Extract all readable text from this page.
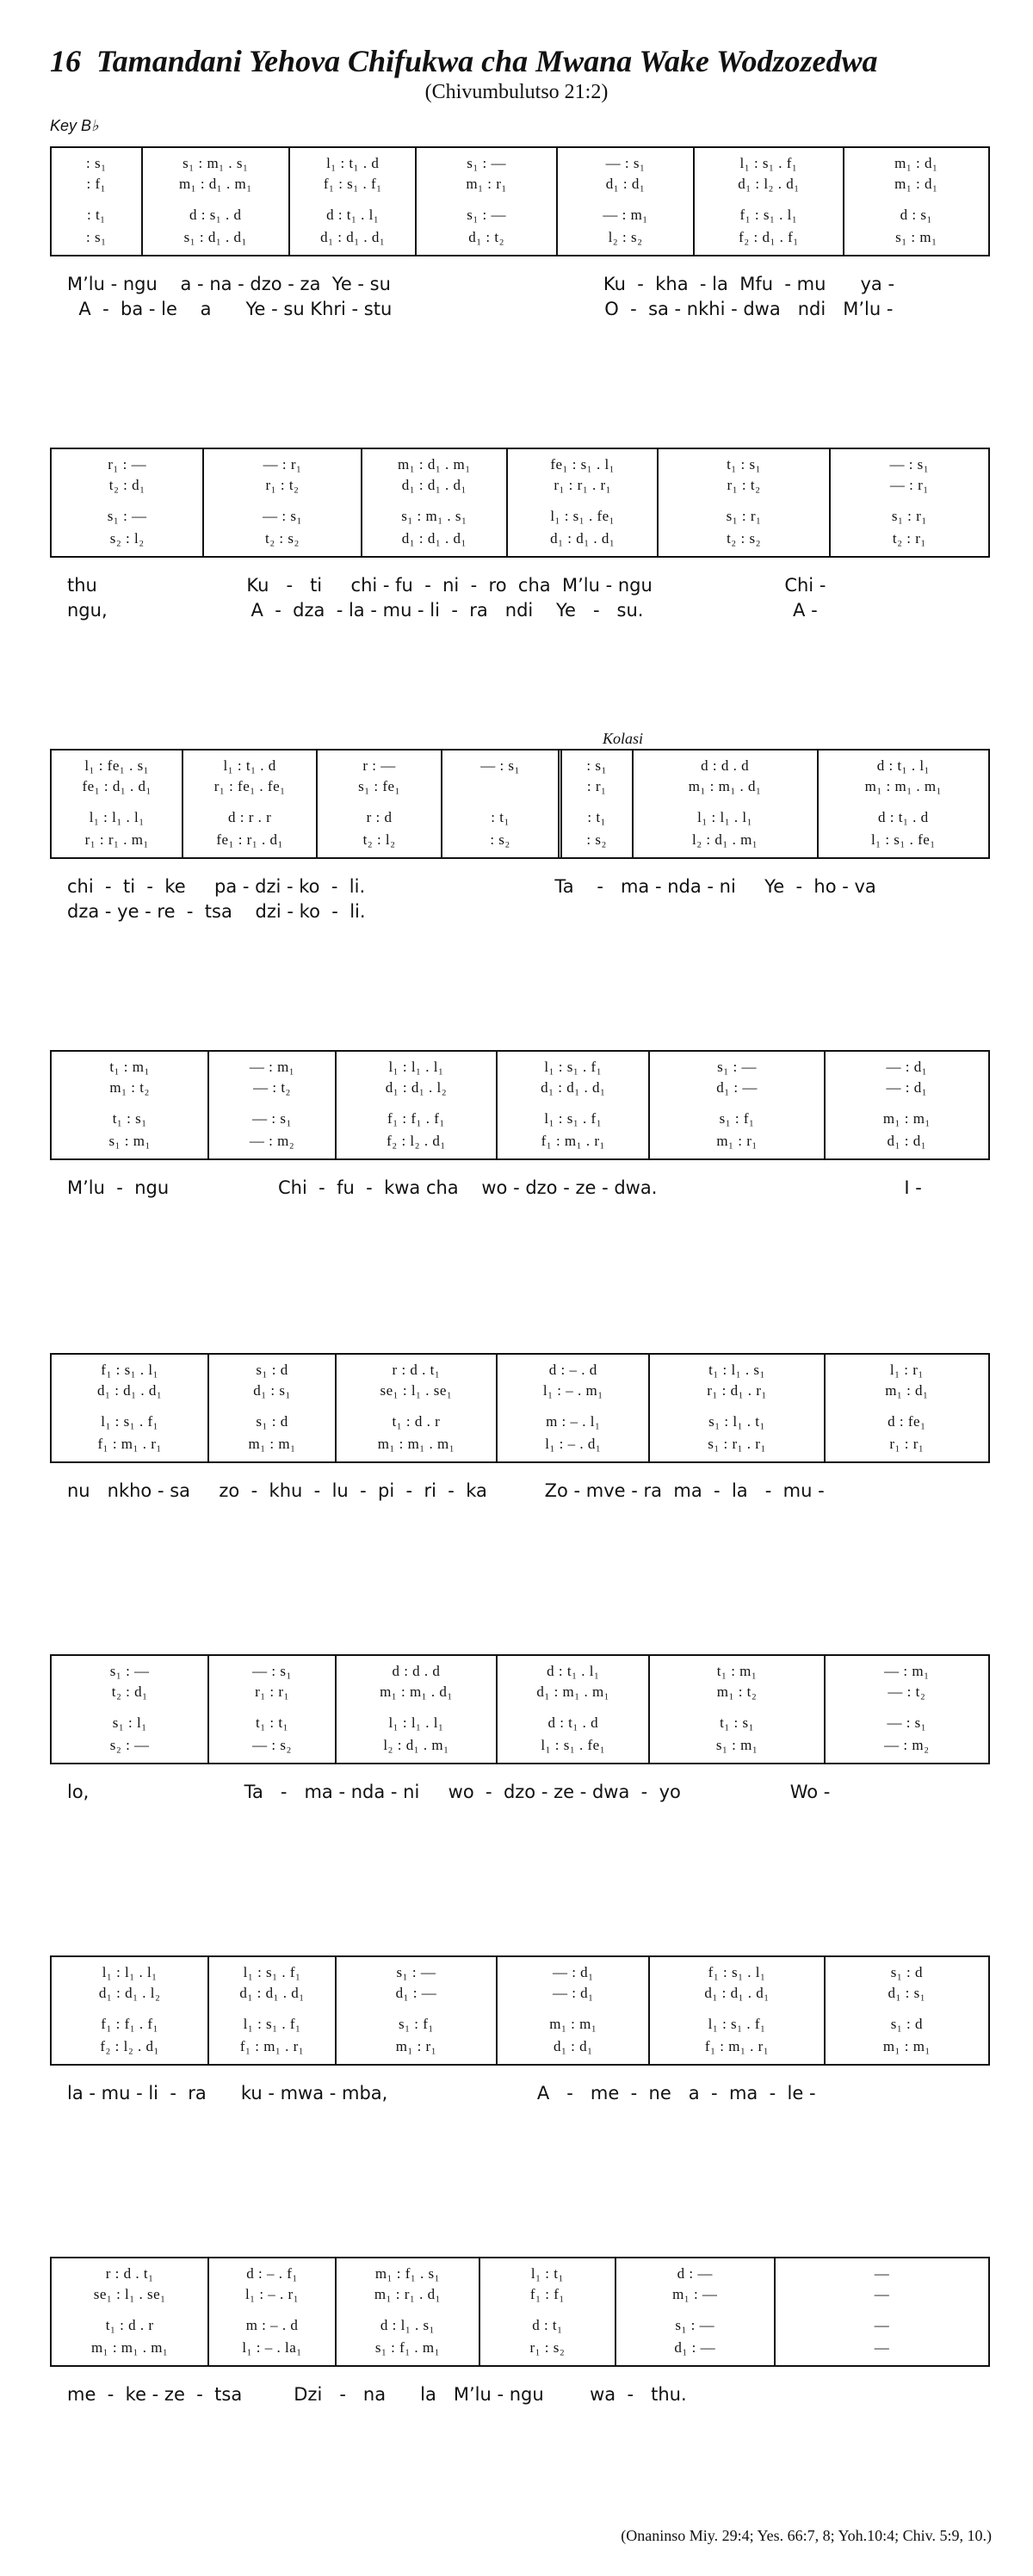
16 Tamandani Yehova Chifukwa cha Mwana Wake Wodzozedwa
(Chivumbulutso 21:2)
Key B♭
Kolasi
: s₁
: f₁
: t₁
: s₁
s₁ : m₁ . s₁
m₁ : d₁ . m₁
d : s₁ . d
s₁ : d₁ . d₁
l₁ : t₁ . d
f₁ : s₁ . f₁
d : t₁ . l₁
d₁ : d₁ . d₁
s₁ : —
m₁ : r₁
s₁ : —
d₁ : t₂
— : s₁
d₁ : d₁
— : m₁
l₂ : s₂
l₁ : s₁ . f₁
d₁ : l₂ . d₁
f₁ : s₁ . l₁
f₂ : d₁ . f₁
m₁ : d₁
m₁ : d₁
d : s₁
s₁ : m₁
M’lu - ngu    a - na - dzo - za  Ye - su                                     Ku  -  kha  - la  Mfu  - mu      ya -
A  -  ba - le    a      Ye - su Khri - stu                                     O  -  sa - nkhi - dwa   ndi   M’lu -
r₁ : —
t₂ : d₁
s₁ : —
s₂ : l₂
— : r₁
r₁ : t₂
— : s₁
t₂ : s₂
m₁ : d₁ . m₁
d₁ : d₁ . d₁
s₁ : m₁ . s₁
d₁ : d₁ . d₁
fe₁ : s₁ . l₁
r₁ : r₁ . r₁
l₁ : s₁ . fe₁
d₁ : d₁ . d₁
t₁ : s₁
r₁ : t₂
s₁ : r₁
t₂ : s₂
— : s₁
— : r₁
s₁ : r₁
t₂ : r₁
thu                          Ku   -   ti     chi - fu  -  ni  -  ro  cha  M’lu - ngu                       Chi -
ngu,                         A  -  dza  - la - mu - li  -  ra   ndi    Ye   -   su.                          A -
l₁ : fe₁ . s₁
fe₁ : d₁ . d₁
l₁ : l₁ . l₁
r₁ : r₁ . m₁
l₁ : t₁ . d
r₁ : fe₁ . fe₁
d : r . r
fe₁ : r₁ . d₁
r : —
s₁ : fe₁
r : d
t₂ : l₂
— : s₁
: t₁
: s₂
: s₁
: r₁
: t₁
: s₂
d : d . d
m₁ : m₁ . d₁
l₁ : l₁ . l₁
l₂ : d₁ . m₁
d : t₁ . l₁
m₁ : m₁ . m₁
d : t₁ . d
l₁ : s₁ . fe₁
chi  -  ti  -  ke     pa - dzi - ko  -  li.                                 Ta    -   ma - nda - ni     Ye  -  ho - va
dza - ye - re  -  tsa    dzi - ko  -  li.
t₁ : m₁
m₁ : t₂
t₁ : s₁
s₁ : m₁
— : m₁
— : t₂
— : s₁
— : m₂
l₁ : l₁ . l₁
d₁ : d₁ . l₂
f₁ : f₁ . f₁
f₂ : l₂ . d₁
l₁ : s₁ . f₁
d₁ : d₁ . d₁
l₁ : s₁ . f₁
f₁ : m₁ . r₁
s₁ : —
d₁ : —
s₁ : f₁
m₁ : r₁
— : d₁
— : d₁
m₁ : m₁
d₁ : d₁
M’lu  -  ngu                   Chi  -  fu  -  kwa cha    wo - dzo - ze - dwa.                                           I -
f₁ : s₁ . l₁
d₁ : d₁ . d₁
l₁ : s₁ . f₁
f₁ : m₁ . r₁
s₁ : d
d₁ : s₁
s₁ : d
m₁ : m₁
r : d . t₁
se₁ : l₁ . se₁
t₁ : d . r
m₁ : m₁ . m₁
d : – . d
l₁ : – . m₁
m : – . l₁
l₁ : – . d₁
t₁ : l₁ . s₁
r₁ : d₁ . r₁
s₁ : l₁ . t₁
s₁ : r₁ . r₁
l₁ : r₁
m₁ : d₁
d : fe₁
r₁ : r₁
nu   nkho - sa     zo  -  khu  -  lu  -  pi  -  ri  -  ka          Zo - mve - ra  ma  -  la   -  mu -
s₁ : —
t₂ : d₁
s₁ : l₁
s₂ : —
— : s₁
r₁ : r₁
t₁ : t₁
— : s₂
d : d . d
m₁ : m₁ . d₁
l₁ : l₁ . l₁
l₂ : d₁ . m₁
d : t₁ . l₁
d₁ : m₁ . m₁
d : t₁ . d
l₁ : s₁ . fe₁
t₁ : m₁
m₁ : t₂
t₁ : s₁
s₁ : m₁
— : m₁
— : t₂
— : s₁
— : m₂
lo,                           Ta   -   ma - nda - ni     wo  -  dzo - ze - dwa  -  yo                   Wo -
l₁ : l₁ . l₁
d₁ : d₁ . l₂
f₁ : f₁ . f₁
f₂ : l₂ . d₁
l₁ : s₁ . f₁
d₁ : d₁ . d₁
l₁ : s₁ . f₁
f₁ : m₁ . r₁
s₁ : —
d₁ : —
s₁ : f₁
m₁ : r₁
— : d₁
— : d₁
m₁ : m₁
d₁ : d₁
f₁ : s₁ . l₁
d₁ : d₁ . d₁
l₁ : s₁ . f₁
f₁ : m₁ . r₁
s₁ : d
d₁ : s₁
s₁ : d
m₁ : m₁
la - mu - li  -  ra      ku - mwa - mba,                          A   -   me  -  ne   a  -  ma  -  le -
r : d . t₁
se₁ : l₁ . se₁
t₁ : d . r
m₁ : m₁ . m₁
d : – . f₁
l₁ : – . r₁
m : – . d
l₁ : – . la₁
m₁ : f₁ . s₁
m₁ : r₁ . d₁
d : l₁ . s₁
s₁ : f₁ . m₁
l₁ : t₁
f₁ : f₁
d : t₁
r₁ : s₂
d : —
m₁ : —
s₁ : —
d₁ : —
—
—
—
—
me  -  ke - ze  -  tsa         Dzi   -   na      la   M’lu - ngu        wa  -   thu.
(Onaninso Miy. 29:4; Yes. 66:7, 8; Yoh.10:4; Chiv. 5:9, 10.)
